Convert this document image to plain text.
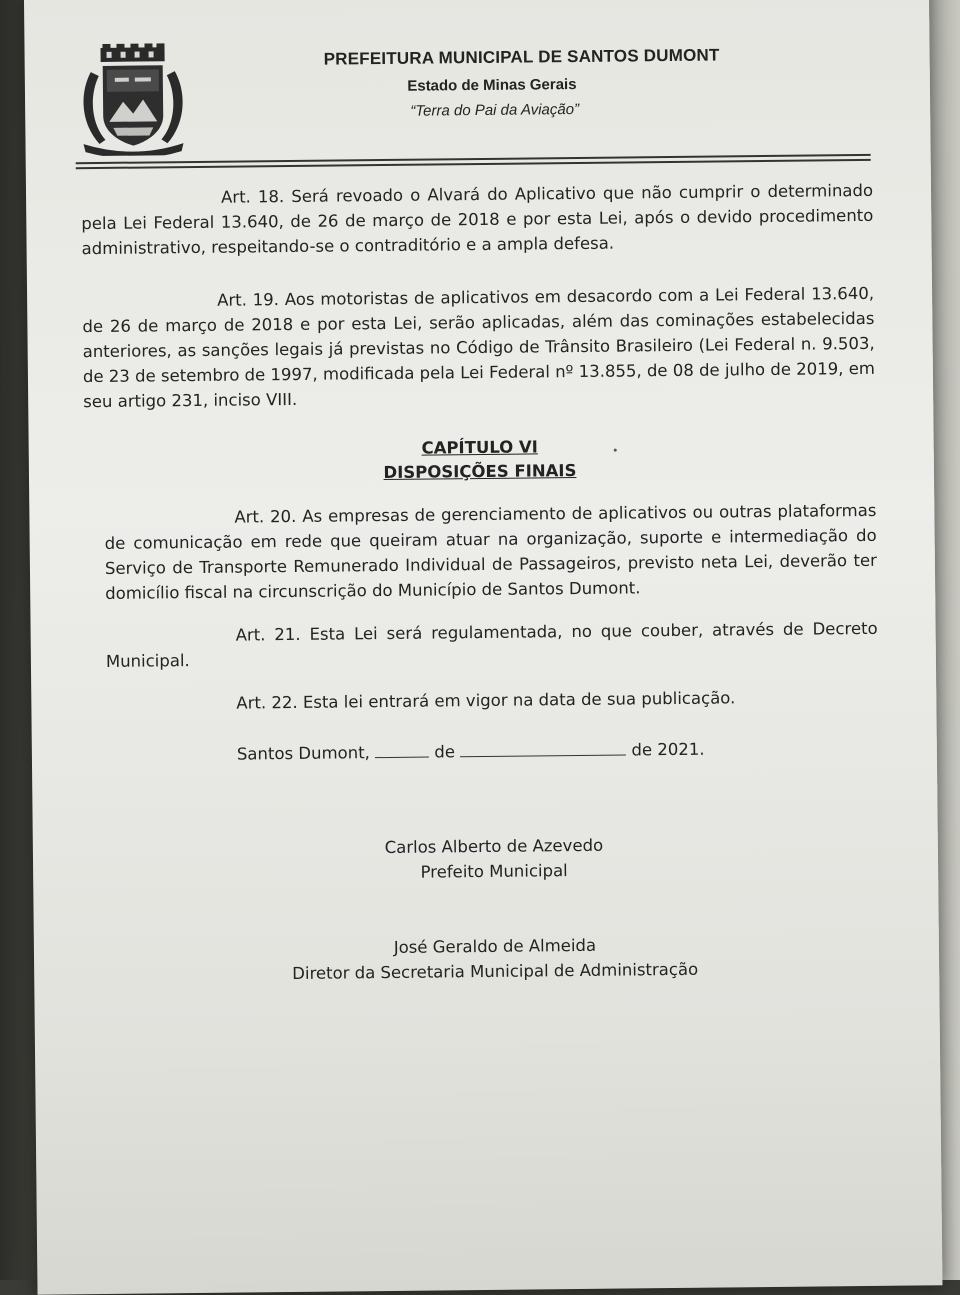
PREFEITURA MUNICIPAL DE SANTOS DUMONT
Estado de Minas Gerais
“Terra do Pai da Aviação”

Art. 18. Será revoado o Alvará do Aplicativo que não cumprir o determinado pela Lei Federal 13.640, de 26 de março de 2018 e por esta Lei, após o devido procedimento administrativo, respeitando-se o contraditório e a ampla defesa.

Art. 19. Aos motoristas de aplicativos em desacordo com a Lei Federal 13.640, de 26 de março de 2018 e por esta Lei, serão aplicadas, além das cominações estabelecidas anteriores, as sanções legais já previstas no Código de Trânsito Brasileiro (Lei Federal n. 9.503, de 23 de setembro de 1997, modificada pela Lei Federal nº 13.855, de 08 de julho de 2019, em seu artigo 231, inciso VIII.

CAPÍTULO VI
DISPOSIÇÕES FINAIS

Art. 20. As empresas de gerenciamento de aplicativos ou outras plataformas de comunicação em rede que queiram atuar na organização, suporte e intermediação do Serviço de Transporte Remunerado Individual de Passageiros, previsto neta Lei, deverão ter domicílio fiscal na circunscrição do Município de Santos Dumont.

Art. 21. Esta Lei será regulamentada, no que couber, através de Decreto Municipal.

Art. 22. Esta lei entrará em vigor na data de sua publicação.

Santos Dumont,	de	de 2021.

Carlos Alberto de Azevedo
Prefeito Municipal
José Geraldo de Almeida
Diretor da Secretaria Municipal de Administração
